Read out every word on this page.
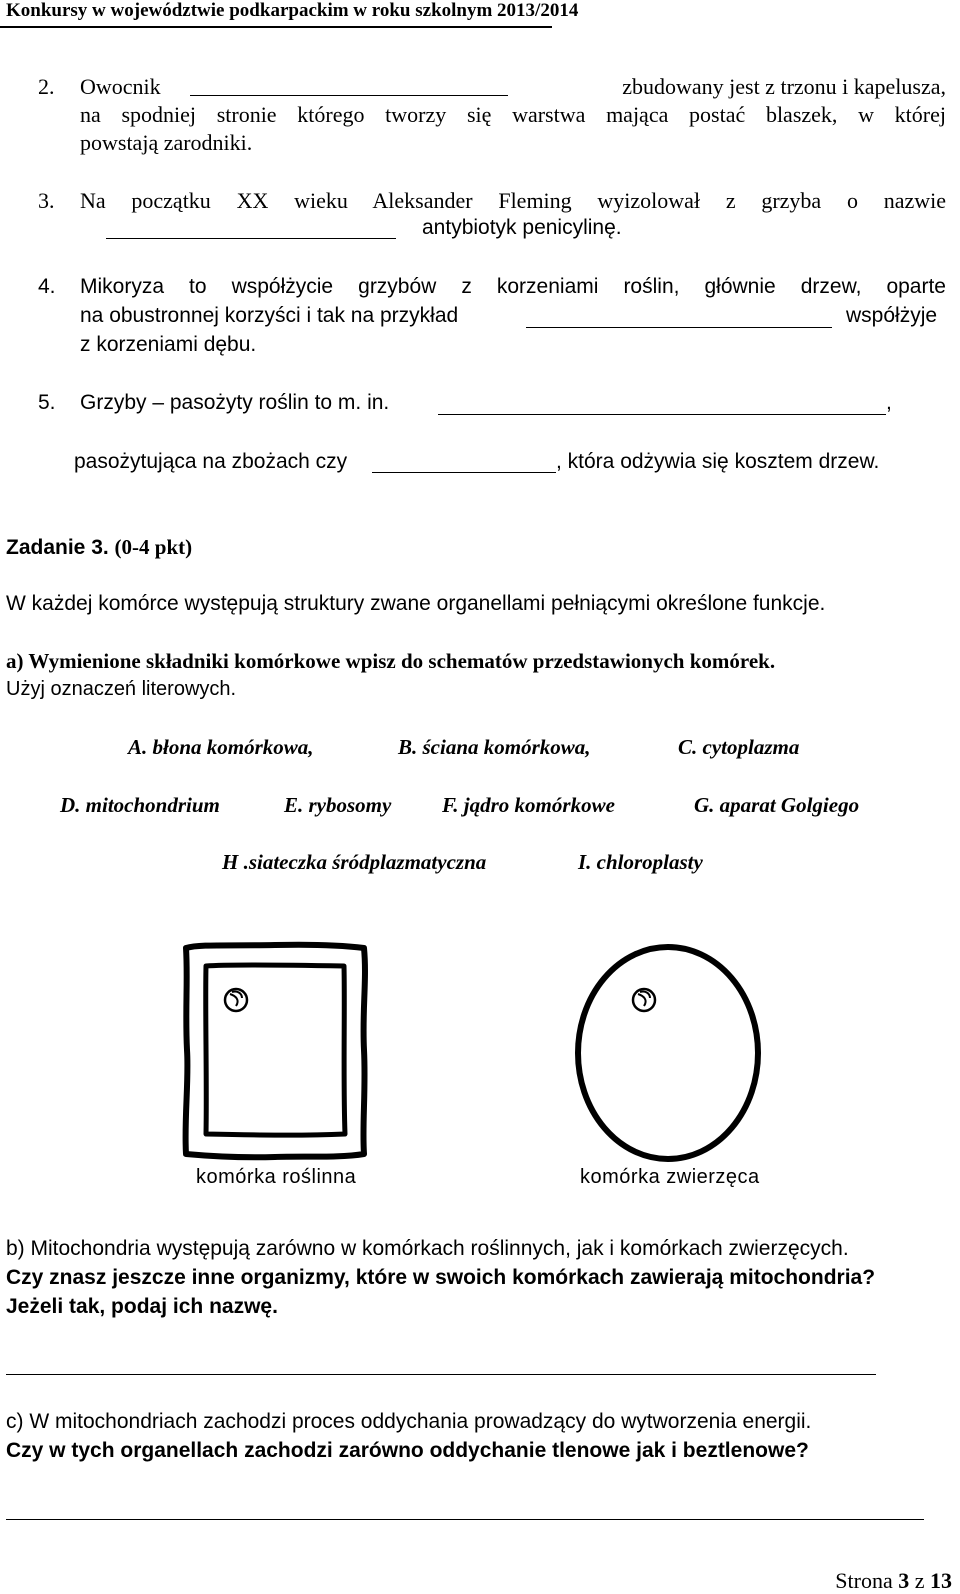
Konkursy w województwie podkarpackim w roku szkolnym 2013/2014
2. Owocnik	zbudowany jest z trzonu i kapelusza,
na spodniej stronie którego tworzy się warstwa mająca postać blaszek, w której
powstają zarodniki.
3. Na początku XX wieku Aleksander Fleming wyizolował z grzyba o nazwie
antybiotyk penicylinę.
4. Mikoryza to współżycie grzybów z korzeniami roślin, głównie drzew, oparte
na obustronnej korzyści i tak na przykład	współżyje
z korzeniami dębu.
5. Grzyby – pasożyty roślin to m. in.	,
pasożytująca na zbożach czy	, która odżywia się kosztem drzew.
Zadanie 3. (0-4 pkt)
W każdej komórce występują struktury zwane organellami pełniącymi określone funkcje.
a) Wymienione składniki komórkowe wpisz do schematów przedstawionych komórek.
Użyj oznaczeń literowych.
A. błona komórkowa,	B. ściana komórkowa,	C. cytoplazma
D. mitochondrium	E. rybosomy F. jądro komórkowe	G. aparat Golgiego
H .siateczka śródplazmatyczna	I. chloroplasty
komórka roślinna	komórka zwierzęca
b) Mitochondria występują zarówno w komórkach roślinnych, jak i komórkach zwierzęcych.
Czy znasz jeszcze inne organizmy, które w swoich komórkach zawierają mitochondria?
Jeżeli tak, podaj ich nazwę.
c) W mitochondriach zachodzi proces oddychania prowadzący do wytworzenia energii.
Czy w tych organellach zachodzi zarówno oddychanie tlenowe jak i beztlenowe?
Strona 3 z 13
